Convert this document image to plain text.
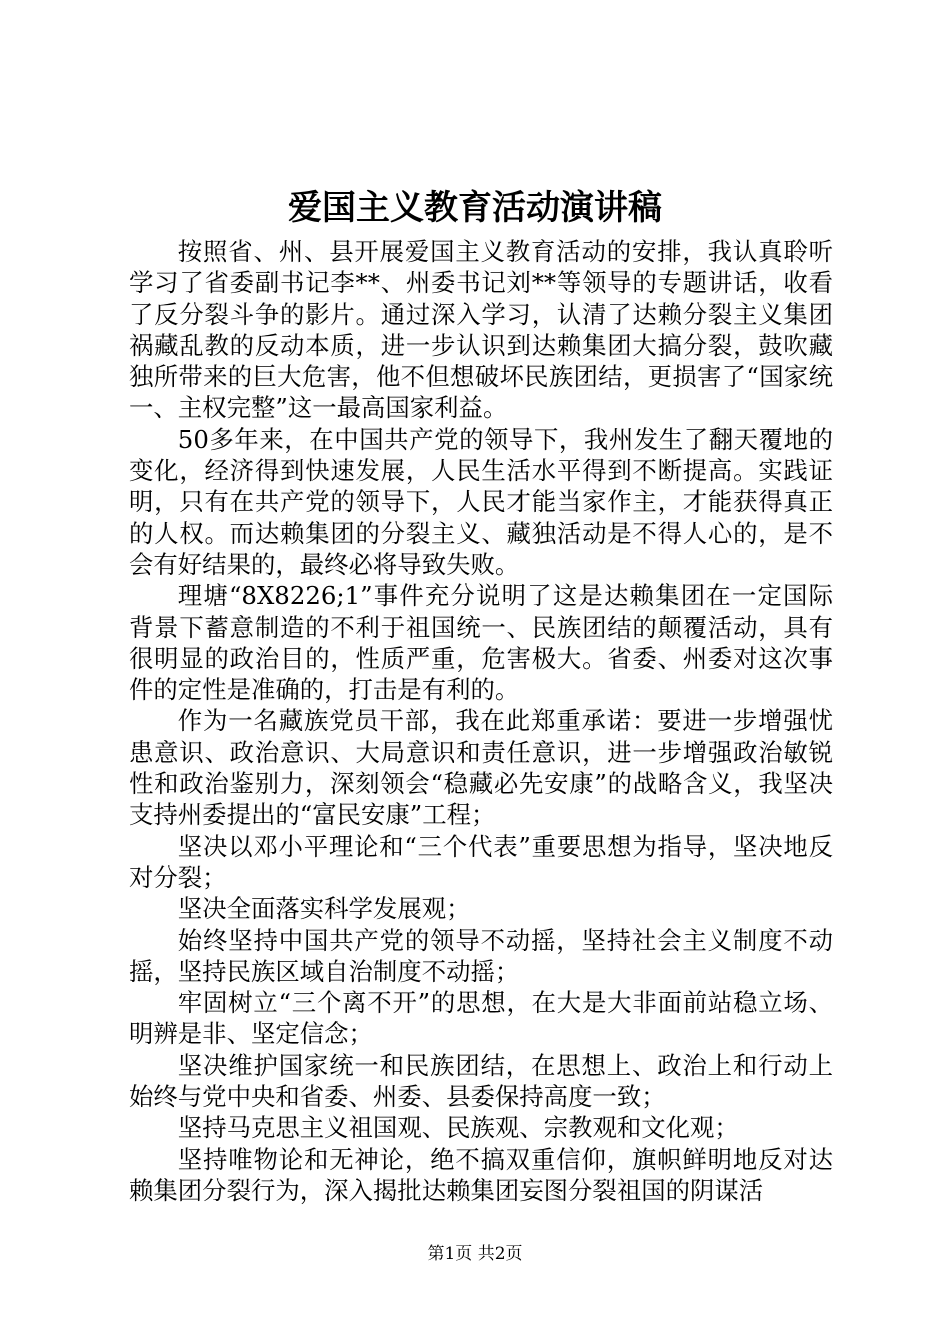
爱国主义教育活动演讲稿

按照省、州、县开展爱国主义教育活动的安排，我认真聆听学习了省委副书记李**、州委书记刘**等领导的专题讲话，收看了反分裂斗争的影片。通过深入学习，认清了达赖分裂主义集团祸藏乱教的反动本质，进一步认识到达赖集团大搞分裂，鼓吹藏独所带来的巨大危害，他不但想破坏民族团结，更损害了“国家统一、主权完整”这一最高国家利益。

50多年来，在中国共产党的领导下，我州发生了翻天覆地的变化，经济得到快速发展，人民生活水平得到不断提高。实践证明，只有在共产党的领导下，人民才能当家作主，才能获得真正的人权。而达赖集团的分裂主义、藏独活动是不得人心的，是不会有好结果的，最终必将导致失败。

理塘“8X8226;1”事件充分说明了这是达赖集团在一定国际背景下蓄意制造的不利于祖国统一、民族团结的颠覆活动，具有很明显的政治目的，性质严重，危害极大。省委、州委对这次事件的定性是准确的，打击是有利的。

作为一名藏族党员干部，我在此郑重承诺：要进一步增强忧患意识、政治意识、大局意识和责任意识，进一步增强政治敏锐性和政治鉴别力，深刻领会“稳藏必先安康”的战略含义，我坚决支持州委提出的“富民安康”工程；

坚决以邓小平理论和“三个代表”重要思想为指导，坚决地反对分裂；

坚决全面落实科学发展观；

始终坚持中国共产党的领导不动摇，坚持社会主义制度不动摇，坚持民族区域自治制度不动摇；

牢固树立“三个离不开”的思想，在大是大非面前站稳立场、明辨是非、坚定信念；

坚决维护国家统一和民族团结，在思想上、政治上和行动上始终与党中央和省委、州委、县委保持高度一致；

坚持马克思主义祖国观、民族观、宗教观和文化观；

坚持唯物论和无神论，绝不搞双重信仰，旗帜鲜明地反对达赖集团分裂行为，深入揭批达赖集团妄图分裂祖国的阴谋活

第1页 共2页
